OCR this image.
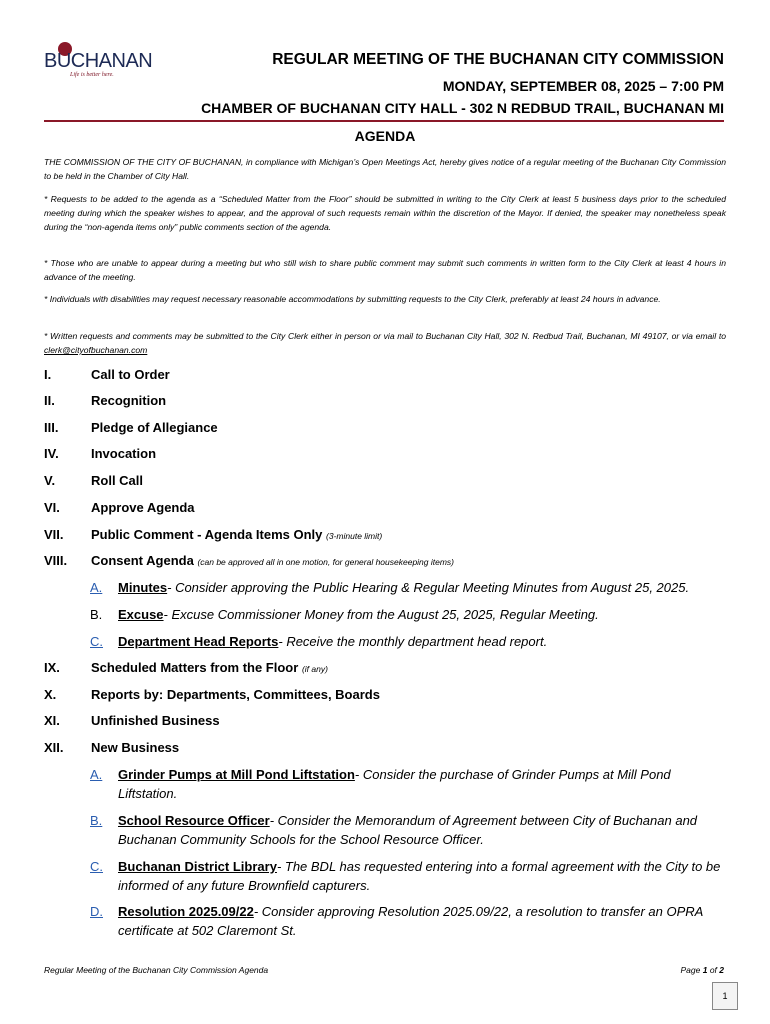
BUCHANAN
Life is better here.
REGULAR MEETING OF THE BUCHANAN CITY COMMISSION
MONDAY, SEPTEMBER 08, 2025 – 7:00 PM
CHAMBER OF BUCHANAN CITY HALL - 302 N REDBUD TRAIL, BUCHANAN MI
AGENDA
THE COMMISSION OF THE CITY OF BUCHANAN, in compliance with Michigan’s Open Meetings Act, hereby gives notice of a regular meeting of the Buchanan City Commission to be held in the Chamber of City Hall.
* Requests to be added to the agenda as a “Scheduled Matter from the Floor” should be submitted in writing to the City Clerk at least 5 business days prior to the scheduled meeting during which the speaker wishes to appear, and the approval of such requests remain within the discretion of the Mayor. If denied, the speaker may nonetheless speak during the “non-agenda items only” public comments section of the agenda.
* Those who are unable to appear during a meeting but who still wish to share public comment may submit such comments in written form to the City Clerk at least 4 hours in advance of the meeting.
* Individuals with disabilities may request necessary reasonable accommodations by submitting requests to the City Clerk, preferably at least 24 hours in advance.
* Written requests and comments may be submitted to the City Clerk either in person or via mail to Buchanan City Hall, 302 N. Redbud Trail, Buchanan, MI 49107, or via email to clerk@cityofbuchanan.com
I.	Call to Order
II.	Recognition
III.	Pledge of Allegiance
IV. Invocation
V.	Roll Call
VI. Approve Agenda
VII. Public Comment - Agenda Items Only (3-minute limit)
VIII. Consent Agenda (can be approved all in one motion, for general housekeeping items)
A. Minutes- Consider approving the Public Hearing & Regular Meeting Minutes from August 25, 2025.
B. Excuse- Excuse Commissioner Money from the August 25, 2025, Regular Meeting.
C. Department Head Reports- Receive the monthly department head report.
IX. Scheduled Matters from the Floor (if any)
X.	Reports by: Departments, Committees, Boards
XI. Unfinished Business
XII. New Business
A. Grinder Pumps at Mill Pond Liftstation- Consider the purchase of Grinder Pumps at Mill Pond Liftstation.
B. School Resource Officer- Consider the Memorandum of Agreement between City of Buchanan and Buchanan Community Schools for the School Resource Officer.
C. Buchanan District Library- The BDL has requested entering into a formal agreement with the City to be informed of any future Brownfield capturers.
D. Resolution 2025.09/22- Consider approving Resolution 2025.09/22, a resolution to transfer an OPRA certificate at 502 Claremont St.
Regular Meeting of the Buchanan City Commission Agenda	Page 1 of 2
1
